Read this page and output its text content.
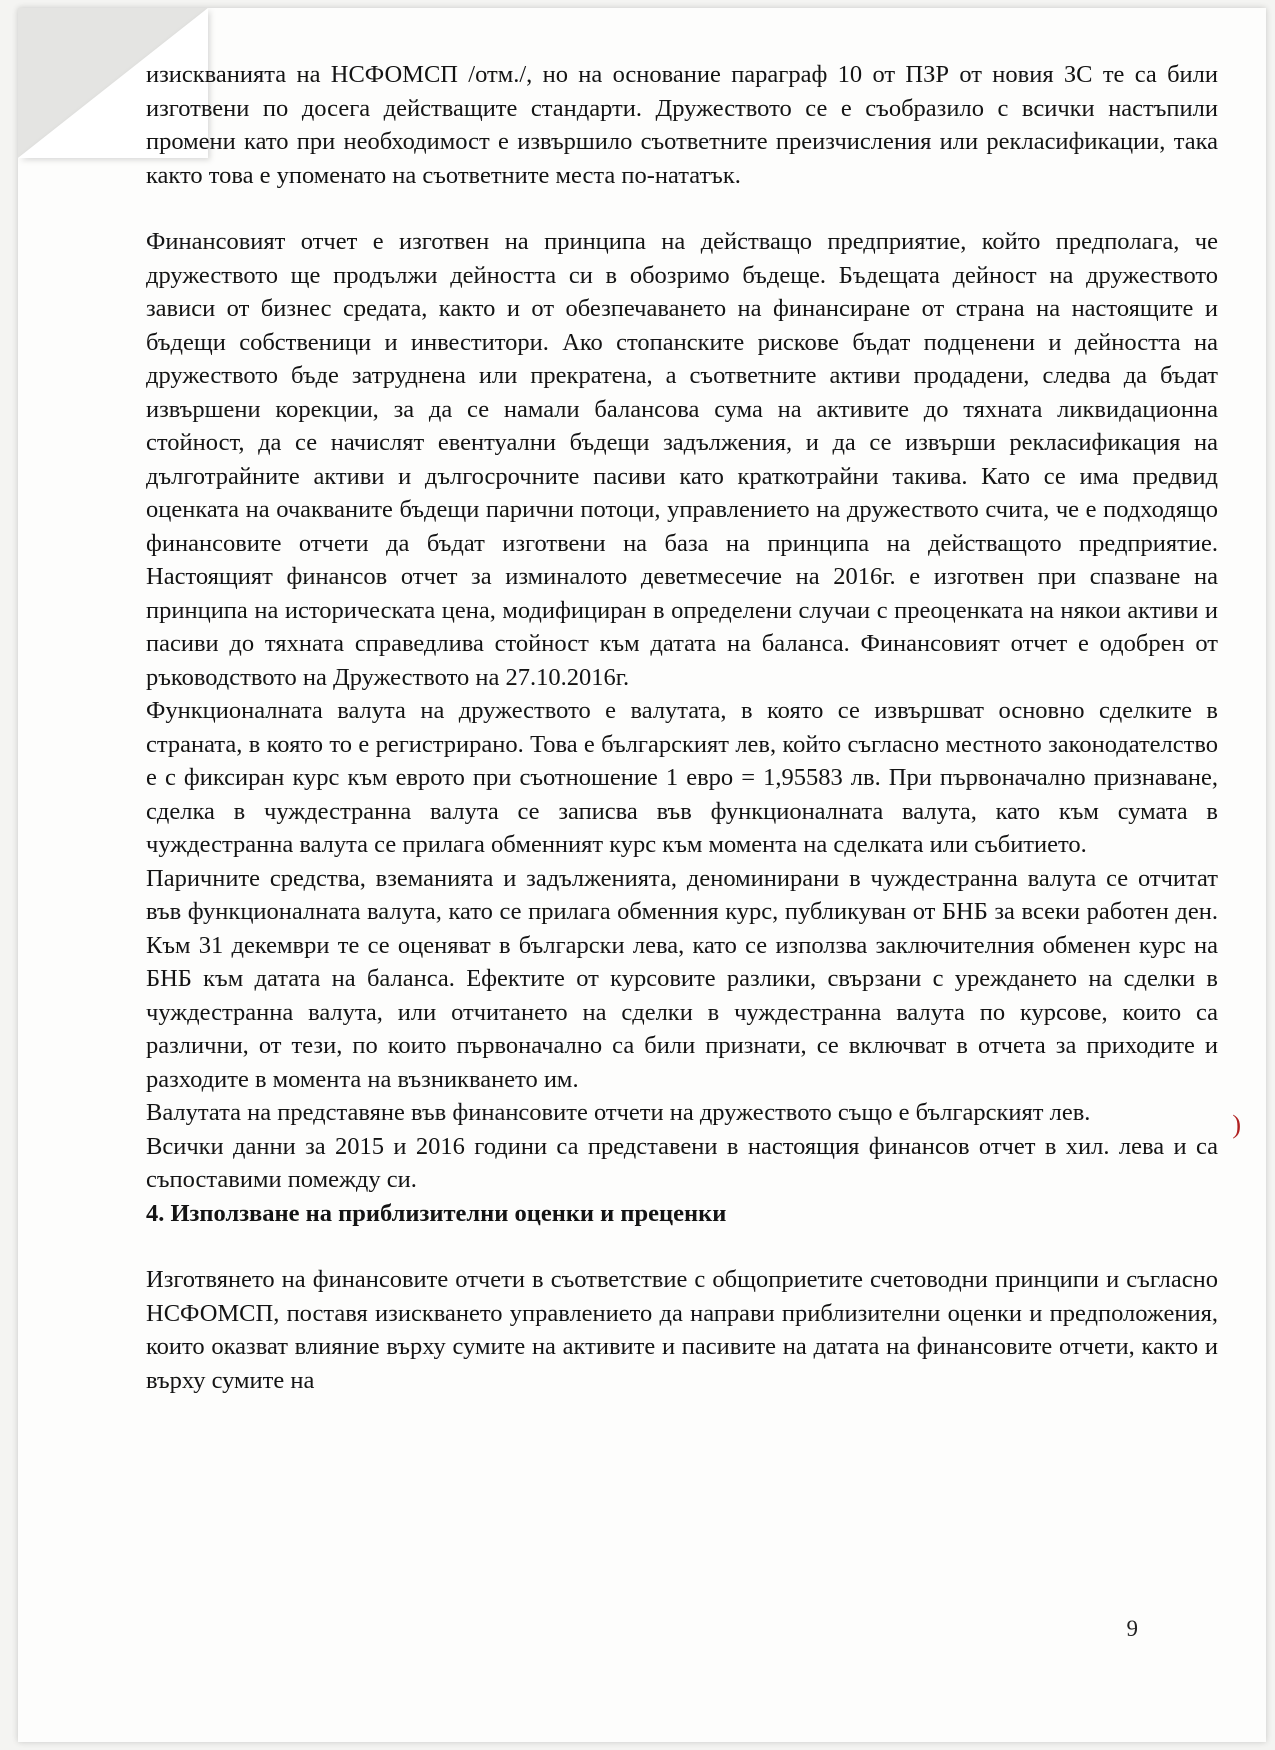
изискванията на НСФОМСП /отм./, но на основание параграф 10 от ПЗР от новия ЗС те са били изготвени по досега действащите стандарти. Дружеството се е съобразило с всички настъпили промени като при необходимост е извършило съответните преизчисления или рекласификации, така както това е упоменато на съответните места по-нататък.

Финансовият отчет е изготвен на принципа на действащо предприятие, който предполага, че дружеството ще продължи дейността си в обозримо бъдеще. Бъдещата дейност на дружеството зависи от бизнес средата, както и от обезпечаването на финансиране от страна на настоящите и бъдещи собственици и инвеститори. Ако стопанските рискове бъдат подценени и дейността на дружеството бъде затруднена или прекратена, а съответните активи продадени, следва да бъдат извършени корекции, за да се намали балансова сума на активите до тяхната ликвидационна стойност, да се начислят евентуални бъдещи задължения, и да се извърши рекласификация на дълготрайните активи и дългосрочните пасиви като краткотрайни такива. Като се има предвид оценката на очакваните бъдещи парични потоци, управлението на дружеството счита, че е подходящо финансовите отчети да бъдат изготвени на база на принципа на действащото предприятие. Настоящият финансов отчет за изминалото деветмесечие на 2016г. е изготвен при спазване на принципа на историческата цена, модифициран в определени случаи с преоценката на някои активи и пасиви до тяхната справедлива стойност към датата на баланса. Финансовият отчет е одобрен от ръководството на Дружеството на 27.10.2016г.

Функционалната валута на дружеството е валутата, в която се извършват основно сделките в страната, в която то е регистрирано. Това е българският лев, който съгласно местното законодателство е с фиксиран курс към еврото при съотношение 1 евро = 1,95583 лв. При първоначално признаване, сделка в чуждестранна валута се записва във функционалната валута, като към сумата в чуждестранна валута се прилага обменният курс към момента на сделката или събитието.

Паричните средства, вземанията и задълженията, деноминирани в чуждестранна валута се отчитат във функционалната валута, като се прилага обменния курс, публикуван от БНБ за всеки работен ден. Към 31 декември те се оценяват в български лева, като се използва заключителния обменен курс на БНБ към датата на баланса. Ефектите от курсовите разлики, свързани с уреждането на сделки в чуждестранна валута, или отчитането на сделки в чуждестранна валута по курсове, които са различни, от тези, по които първоначално са били признати, се включват в отчета за приходите и разходите в момента на възникването им.

Валутата на представяне във финансовите отчети на дружеството също е българският лев.

Всички данни за 2015 и 2016 години са представени в настоящия финансов отчет в хил. лева и са съпоставими помежду си.

4. Използване на приблизителни оценки и преценки

Изготвянето на финансовите отчети в съответствие с общоприетите счетоводни принципи и съгласно НСФОМСП, поставя изискването управлението да направи приблизителни оценки и предположения, които оказват влияние върху сумите на активите и пасивите на датата на финансовите отчети, както и върху сумите на

9
)
